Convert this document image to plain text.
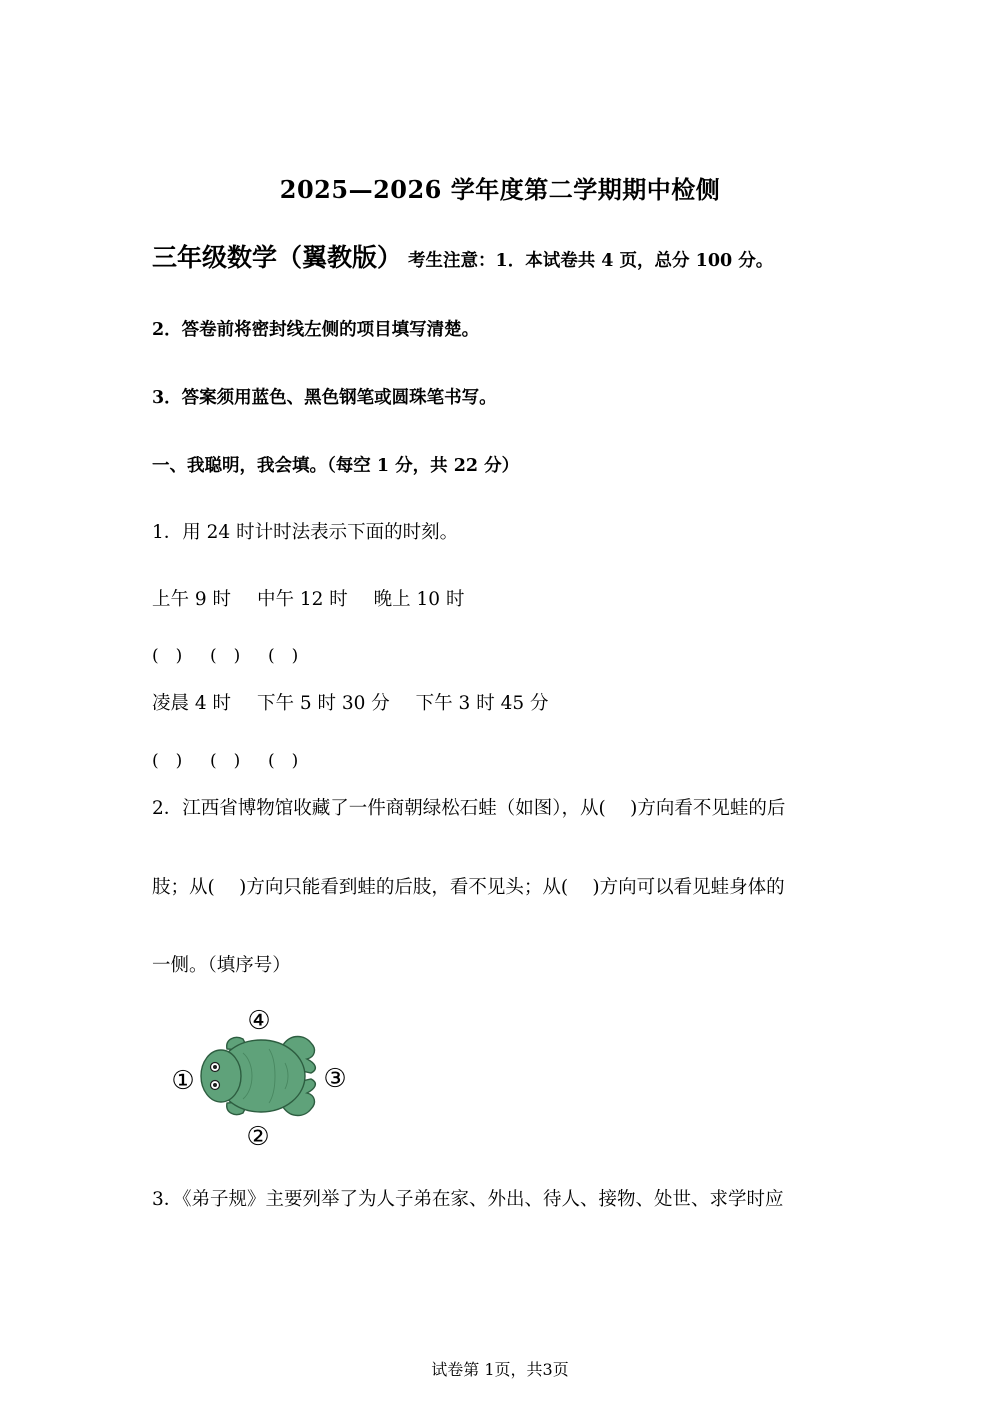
2025—2026 学年度第二学期期中检侧
三年级数学（翼教版） 考生注意：1．本试卷共 4 页，总分 100 分。
2．答卷前将密封线左侧的项目填写清楚。
3．答案须用蓝色、黑色钢笔或圆珠笔书写。
一、我聪明，我会填。（每空 1 分，共 22 分）
1．用 24 时计时法表示下面的时刻。
上午 9 时 中午 12 时 晚上 10 时
(　)	(　)	(　)
凌晨 4 时 下午 5 时 30 分 下午 3 时 45 分
(　)	(　)	(　)
2．江西省博物馆收藏了一件商朝绿松石蛙（如图），从(　 )方向看不见蛙的后
肢；从(　 )方向只能看到蛙的后肢，看不见头；从(　 )方向可以看见蛙身体的
一侧。（填序号）
④
①	③
②
3．《弟子规》主要列举了为人子弟在家、外出、待人、接物、处世、求学时应
试卷第 1页，共3页
